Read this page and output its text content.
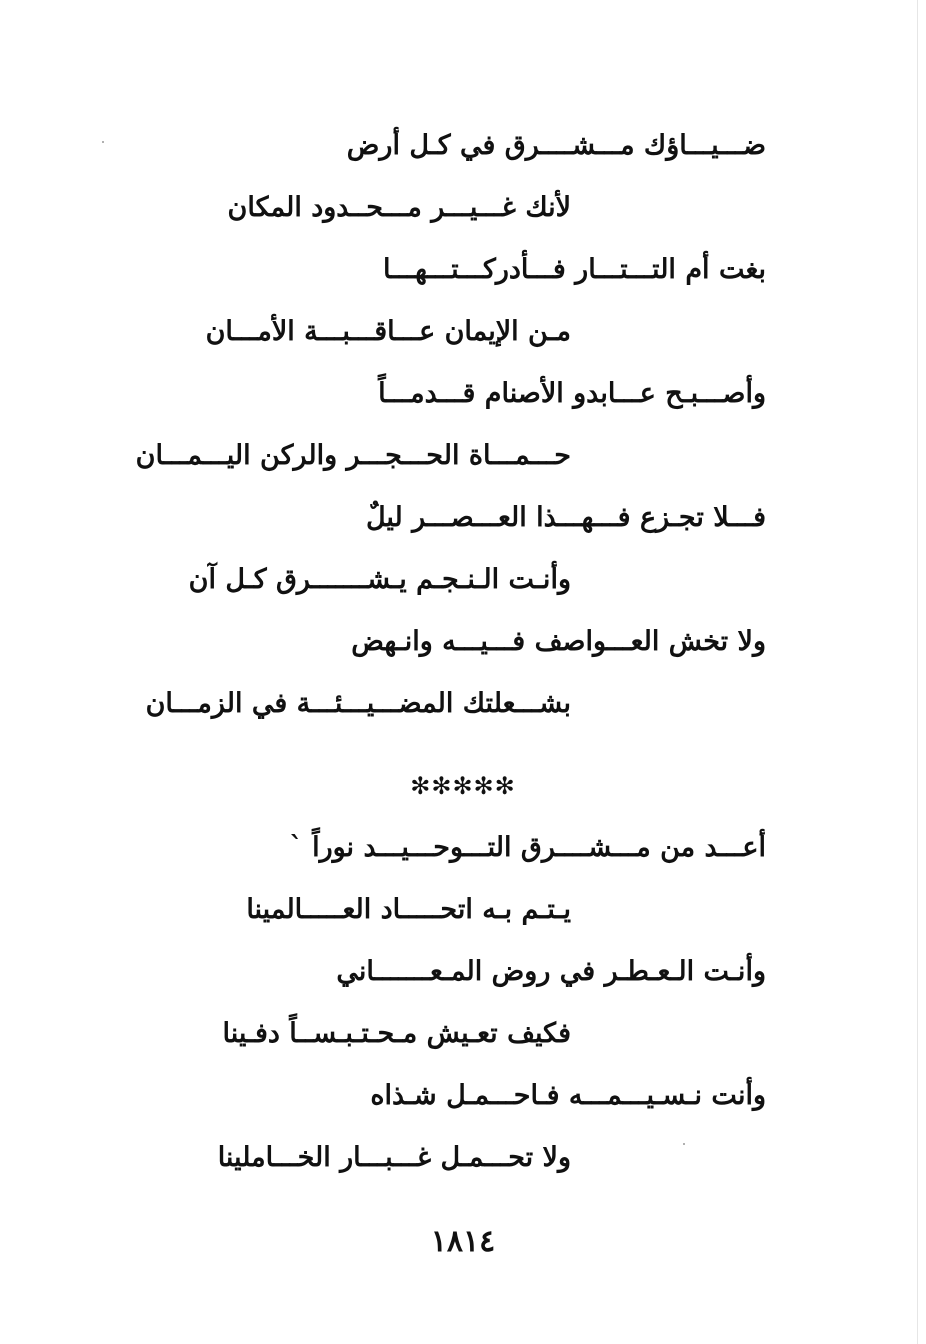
ضـــيـــاؤك مـــشــــرق في كـل أرض
لأنك غـــيـــر مـــحــدود المكان
بغت أم التـــتـــار فـــأدركـــتـــهـــا
مـن الإيمان عـــاقـــبـــة الأمـــان
وأصـــبـح عـــابدو الأصنام قـــدمـــاً
حـــمـــاة الحـــجـــر والركن اليـــمـــان
فـــلا تجـزع فـــهـــذا العـــصـــر ليلٌ
وأنـت الـنـجـم يـشـــــــرق كـل آن
ولا تخش العـــواصف فـــيـــه وانـهض
بشـــعلتك المضـــيـــئـــة في الزمـــان
✻✻✻✻✻
أعـــد من مـــشــــرق التـــوحـــيـــد نوراً `
يـتـم بـه اتحـــــاد العـــــالمينا
وأنـت الـعـطـر في روض المـعـــــــاني
فكيف تعـيش مـحـتـبـســاً دفـينا
وأنت نـسـيـــمـــه فـاحـــمـل شـذاه
ولا تحـــمـل غـــبـــار الخـــاملينا
١٨١٤
